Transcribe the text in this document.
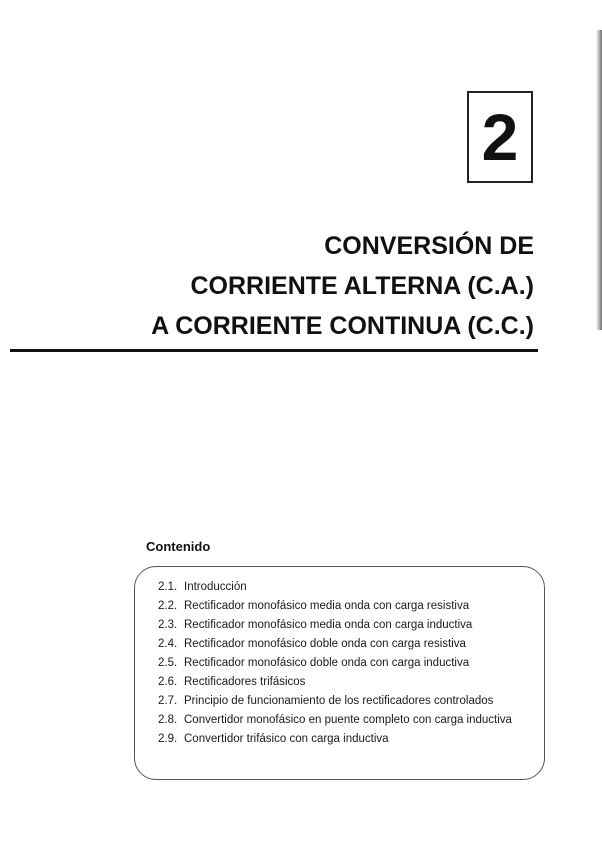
2
CONVERSIÓN DE
CORRIENTE ALTERNA (C.A.)
A CORRIENTE CONTINUA (C.C.)
Contenido
2.1. Introducción
2.2. Rectificador monofásico media onda con carga resistiva
2.3. Rectificador monofásico media onda con carga inductiva
2.4. Rectificador monofásico doble onda con carga resistiva
2.5. Rectificador monofásico doble onda con carga inductiva
2.6. Rectificadores trifásicos
2.7. Principio de funcionamiento de los rectificadores controlados
2.8. Convertidor monofásico en puente completo con carga inductiva
2.9. Convertidor trifásico con carga inductiva
